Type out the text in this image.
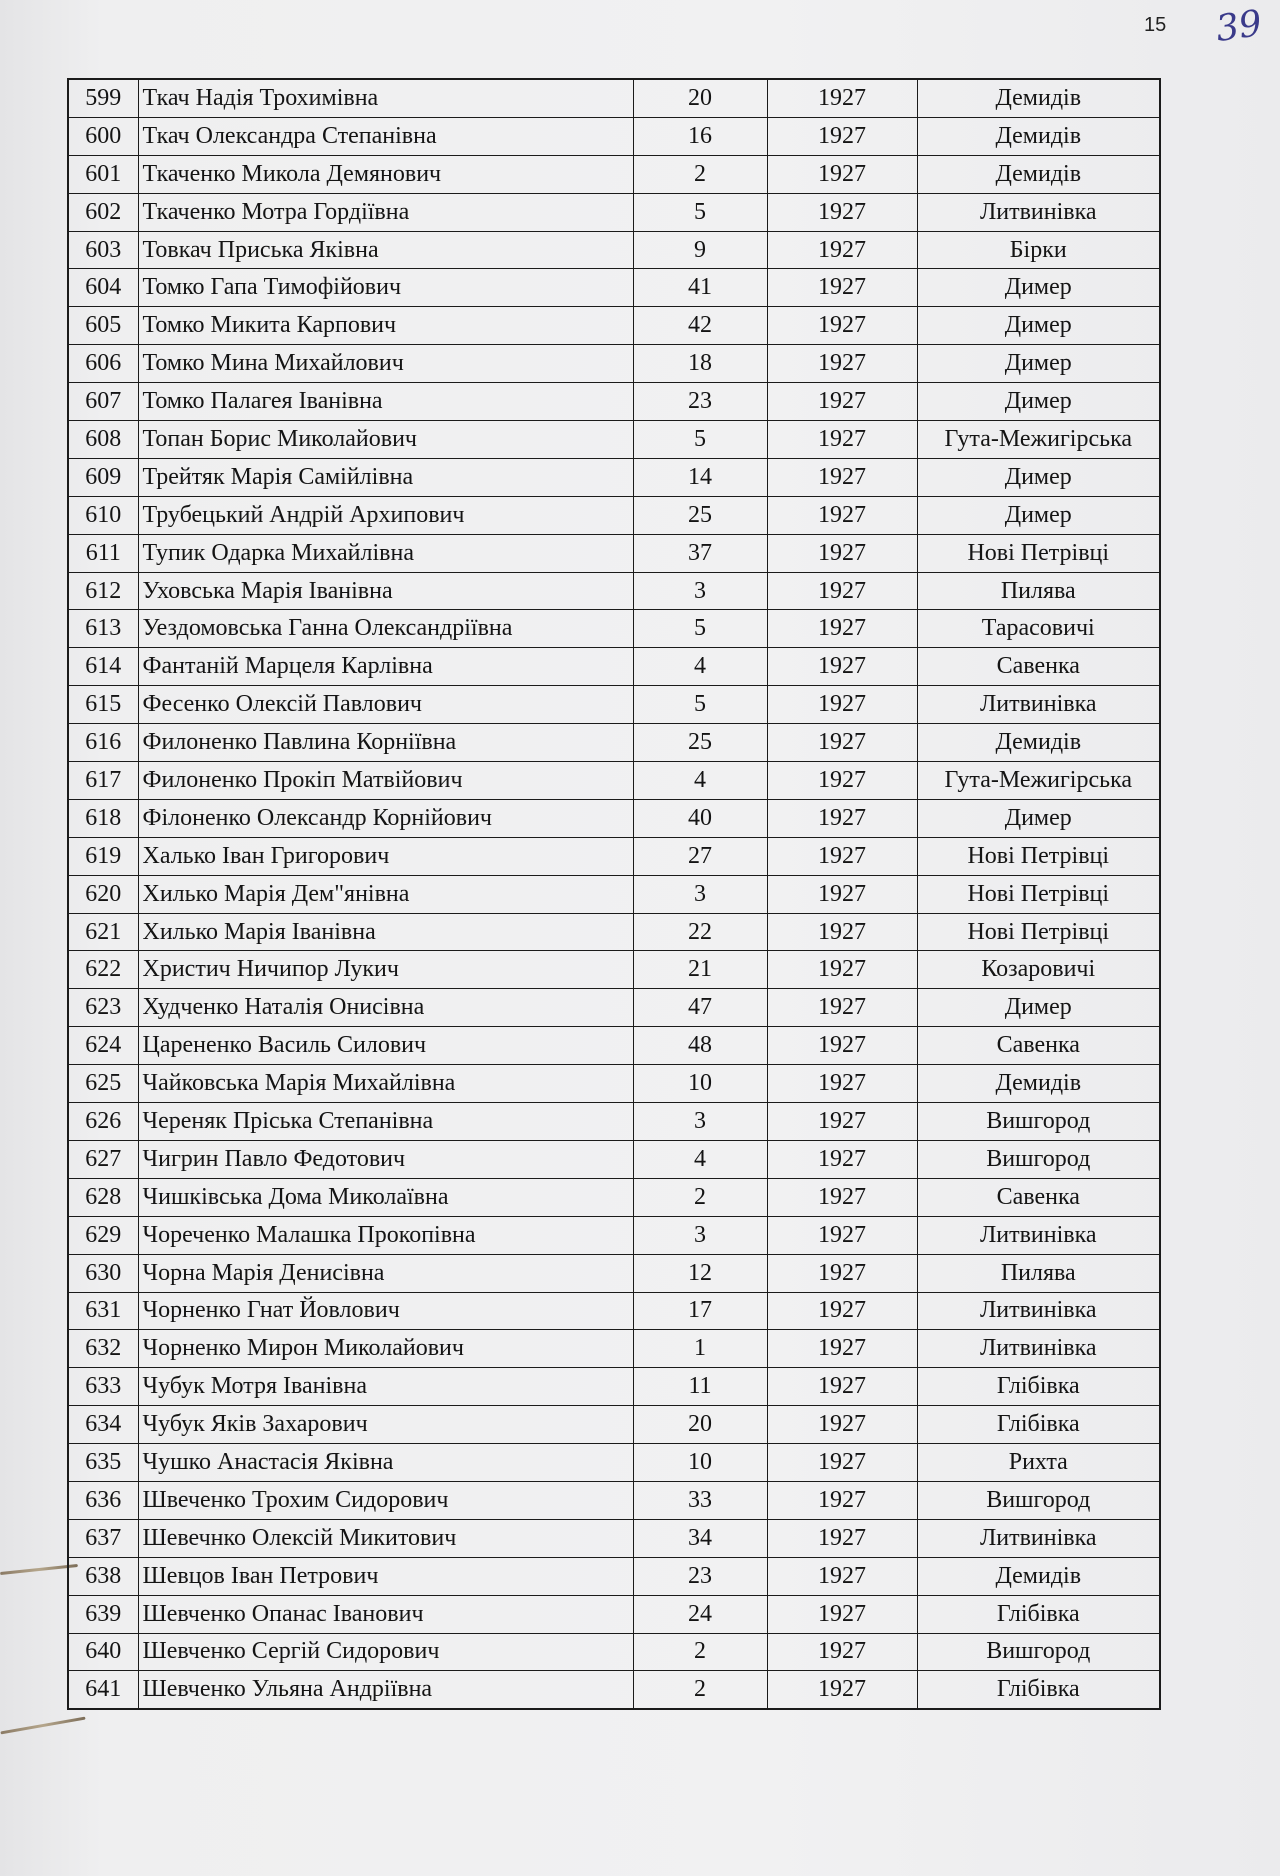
15 39
599	Ткач Надія Трохимівна	20	1927	Демидів
600	Ткач Олександра Степанівна	16	1927	Демидів
601	Ткаченко Микола Демянович	2	1927	Демидів
602	Ткаченко Мотра Гордіївна	5	1927	Литвинівка
603	Товкач Приська Яківна	9	1927	Бірки
604	Томко Гапа Тимофійович	41	1927	Димер
605	Томко Микита Карпович	42	1927	Димер
606	Томко Мина Михайлович	18	1927	Димер
607	Томко Палагея Іванівна	23	1927	Димер
608	Топан Борис Миколайович	5	1927	Гута-Межигірська
609	Трейтяк Марія Самійлівна	14	1927	Димер
610	Трубецький Андрій Архипович	25	1927	Димер
611	Тупик Одарка Михайлівна	37	1927	Нові Петрівці
612	Уховська Марія Іванівна	3	1927	Пилява
613	Уездомовська Ганна Олександріївна	5	1927	Тарасовичі
614	Фантаній Марцеля Карлівна	4	1927	Савенка
615	Фесенко Олексій Павлович	5	1927	Литвинівка
616	Филоненко Павлина Корніївна	25	1927	Демидів
617	Филоненко Прокіп Матвійович	4	1927	Гута-Межигірська
618	Філоненко Олександр Корнійович	40	1927	Димер
619	Халько Іван Григорович	27	1927	Нові Петрівці
620	Хилько Марія Дем"янівна	3	1927	Нові Петрівці
621	Хилько Марія Іванівна	22	1927	Нові Петрівці
622	Христич Ничипор Лукич	21	1927	Козаровичі
623	Худченко Наталія Онисівна	47	1927	Димер
624	Царененко Василь Силович	48	1927	Савенка
625	Чайковська Марія Михайлівна	10	1927	Демидів
626	Череняк Пріська Степанівна	3	1927	Вишгород
627	Чигрин Павло Федотович	4	1927	Вишгород
628	Чишківська Дома Миколаївна	2	1927	Савенка
629	Чореченко Малашка Прокопівна	3	1927	Литвинівка
630	Чорна Марія Денисівна	12	1927	Пилява
631	Чорненко Гнат Йовлович	17	1927	Литвинівка
632	Чорненко Мирон Миколайович	1	1927	Литвинівка
633	Чубук Мотря Іванівна	11	1927	Глібівка
634	Чубук Яків Захарович	20	1927	Глібівка
635	Чушко Анастасія Яківна	10	1927	Рихта
636	Швеченко Трохим Сидорович	33	1927	Вишгород
637	Шевечнко Олексій Микитович	34	1927	Литвинівка
638	Шевцов Іван Петрович	23	1927	Демидів
639	Шевченко Опанас Іванович	24	1927	Глібівка
640	Шевченко Сергій Сидорович	2	1927	Вишгород
641	Шевченко Ульяна Андріївна	2	1927	Глібівка
